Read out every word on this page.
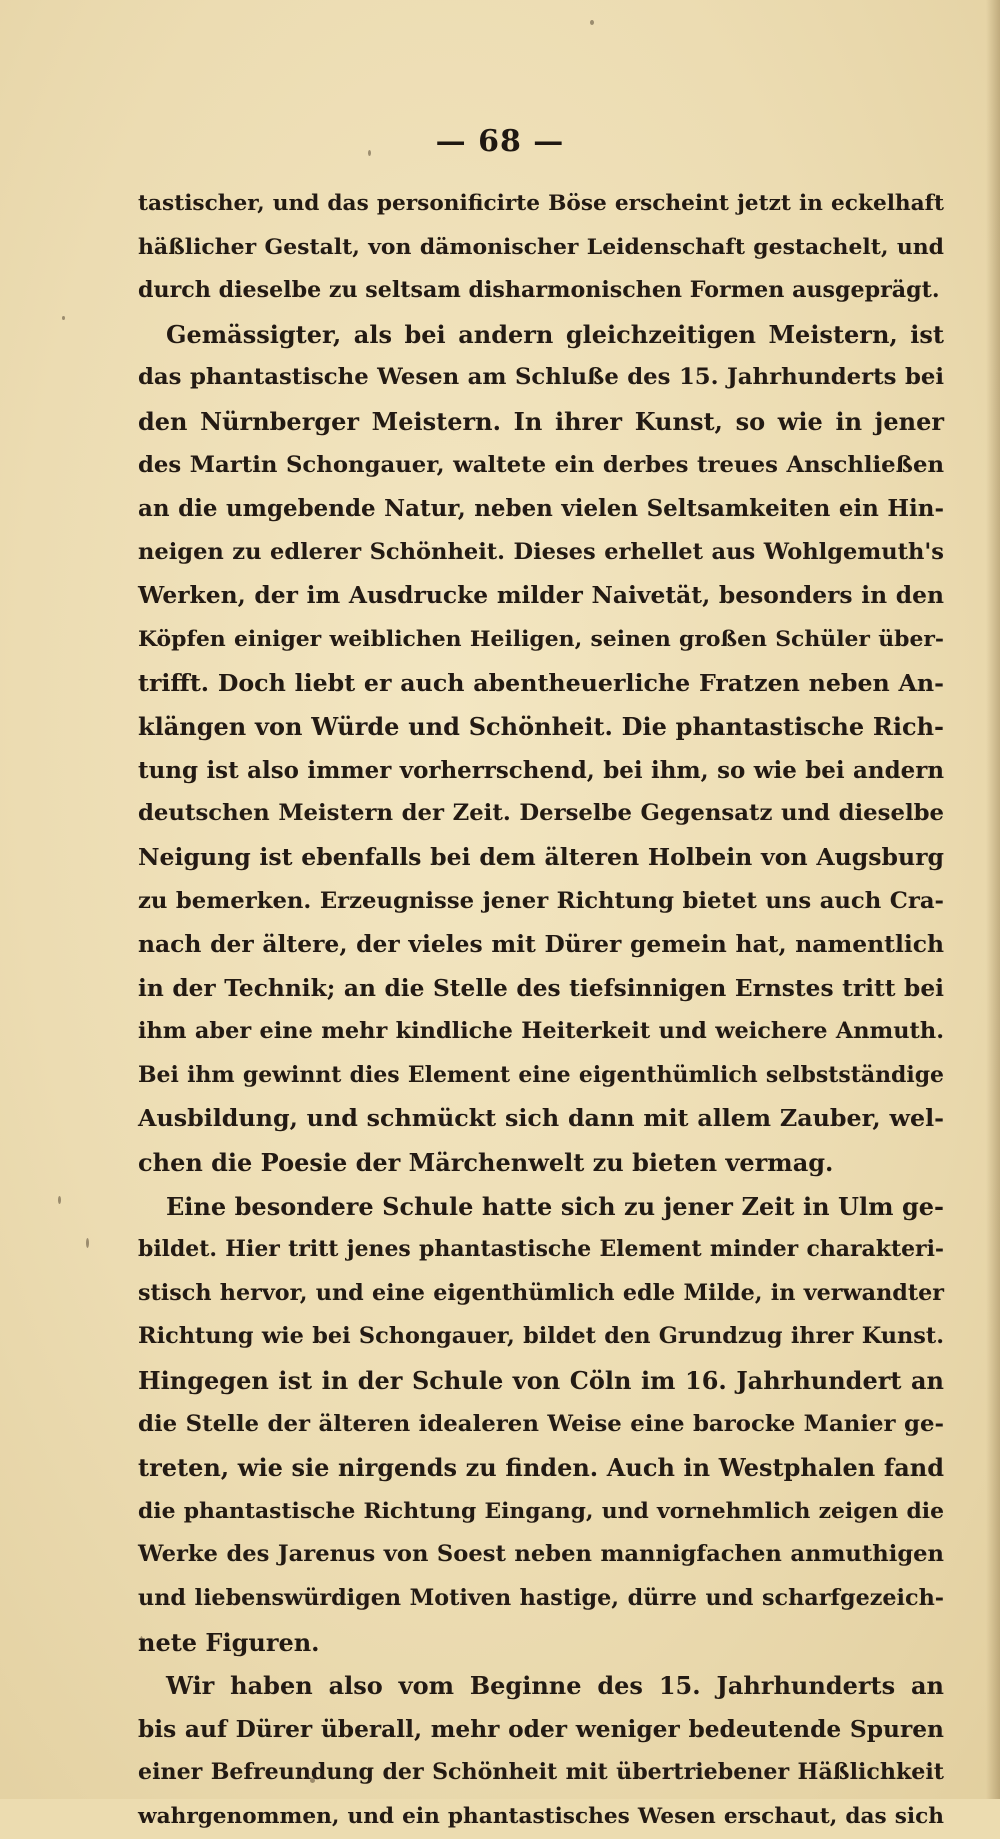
— 68 —
tastischer, und das personificirte Böse erscheint jetzt in eckelhaft
häßlicher Gestalt, von dämonischer Leidenschaft gestachelt, und
durch dieselbe zu seltsam disharmonischen Formen ausgeprägt.
Gemässigter, als bei andern gleichzeitigen Meistern, ist
das phantastische Wesen am Schluße des 15. Jahrhunderts bei
den Nürnberger Meistern. In ihrer Kunst, so wie in jener
des Martin Schongauer, waltete ein derbes treues Anschließen
an die umgebende Natur, neben vielen Seltsamkeiten ein Hin-
neigen zu edlerer Schönheit. Dieses erhellet aus Wohlgemuth's
Werken, der im Ausdrucke milder Naivetät, besonders in den
Köpfen einiger weiblichen Heiligen, seinen großen Schüler über-
trifft. Doch liebt er auch abentheuerliche Fratzen neben An-
klängen von Würde und Schönheit. Die phantastische Rich-
tung ist also immer vorherrschend, bei ihm, so wie bei andern
deutschen Meistern der Zeit. Derselbe Gegensatz und dieselbe
Neigung ist ebenfalls bei dem älteren Holbein von Augsburg
zu bemerken. Erzeugnisse jener Richtung bietet uns auch Cra-
nach der ältere, der vieles mit Dürer gemein hat, namentlich
in der Technik; an die Stelle des tiefsinnigen Ernstes tritt bei
ihm aber eine mehr kindliche Heiterkeit und weichere Anmuth.
Bei ihm gewinnt dies Element eine eigenthümlich selbstständige
Ausbildung, und schmückt sich dann mit allem Zauber, wel-
chen die Poesie der Märchenwelt zu bieten vermag.
Eine besondere Schule hatte sich zu jener Zeit in Ulm ge-
bildet. Hier tritt jenes phantastische Element minder charakteri-
stisch hervor, und eine eigenthümlich edle Milde, in verwandter
Richtung wie bei Schongauer, bildet den Grundzug ihrer Kunst.
Hingegen ist in der Schule von Cöln im 16. Jahrhundert an
die Stelle der älteren idealeren Weise eine barocke Manier ge-
treten, wie sie nirgends zu finden. Auch in Westphalen fand
die phantastische Richtung Eingang, und vornehmlich zeigen die
Werke des Jarenus von Soest neben mannigfachen anmuthigen
und liebenswürdigen Motiven hastige, dürre und scharfgezeich-
nete Figuren.
Wir haben also vom Beginne des 15. Jahrhunderts an
bis auf Dürer überall, mehr oder weniger bedeutende Spuren
einer Befreundung der Schönheit mit übertriebener Häßlichkeit
wahrgenommen, und ein phantastisches Wesen erschaut, das sich
